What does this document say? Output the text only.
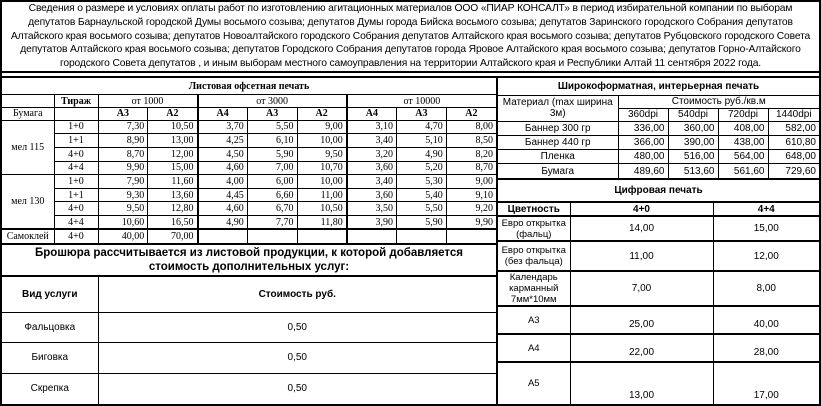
Сведения о размере и условиях оплаты работ по изготовлению агитационных материалов ООО «ПИАР КОНСАЛТ» в период избирательной компании по выборам депутатов Барнаульской городской Думы восьмого созыва; депутатов Думы города Бийска восьмого созыва; депутатов Заринского городского Собрания депутатов Алтайского края восьмого созыва; депутатов Новоалтайского городского Собрания депутатов Алтайского края восьмого созыва; депутатов Рубцовского городского Совета депутатов Алтайского края восьмого созыва; депутатов Городского Собрания депутатов города Яровое Алтайского края восьмого созыва; депутатов Горно-Алтайского городского Совета депутатов , и иным выборам местного самоуправления на территории Алтайского края и Республики Алтай 11 сентября 2022 года.

Листовая офсетная печать									
	Тираж	от 1000		от 3000			от 10000		
Бумага		А3	А2	А4	А3	А2	А4	А3	А2
мел 115	1+0	7,30	10,50	3,70	5,50	9,00	3,10	4,70	8,00
	1+1	8,90	13,00	4,25	6,10	10,00	3,40	5,10	8,50
	4+0	8,70	12,00	4,50	5,90	9,50	3,20	4,90	8,20
	4+4	9,90	15,00	4,60	7,00	10,70	3,60	5,20	8,70
мел 130	1+0	7,90	11,60	4,00	6,00	10,00	3,40	5,30	9,00
	1+1	9,30	13,60	4,45	6,60	11,00	3,60	5,40	9,10
	4+0	9,50	12,80	4,60	6,70	10,50	3,50	5,50	9,20
	4+4	10,60	16,50	4,90	7,70	11,80	3,90	5,90	9,90
Самоклей	4+0	40,00	70,00						

Брошюра рассчитывается из листовой продукции, к которой добавляется стоимость дополнительных услуг:

Вид услуги	Стоимость руб.
Фальцовка	0,50
Биговка	0,50
Скрепка	0,50
Широкоформатная, интерьерная печать				
Материал (max ширина 3м)	Стоимость руб./кв.м			
	360dpi	540dpi	720dpi	1440dpi
Баннер 300 гр	336,00	360,00	408,00	582,00
Баннер 440 гр	366,00	390,00	438,00	610,80
Пленка	480,00	516,00	564,00	648,00
Бумага	489,60	513,60	561,60	729,60
Цифровая печать		
Цветность	4+0	4+4
Евро открытка (фальц)	14,00	15,00
Евро открытка (без фальца)	11,00	12,00
Календарь карманный 7мм*10мм	7,00	8,00
А3	25,00	40,00
А4	22,00	28,00
А5	13,00	17,00
